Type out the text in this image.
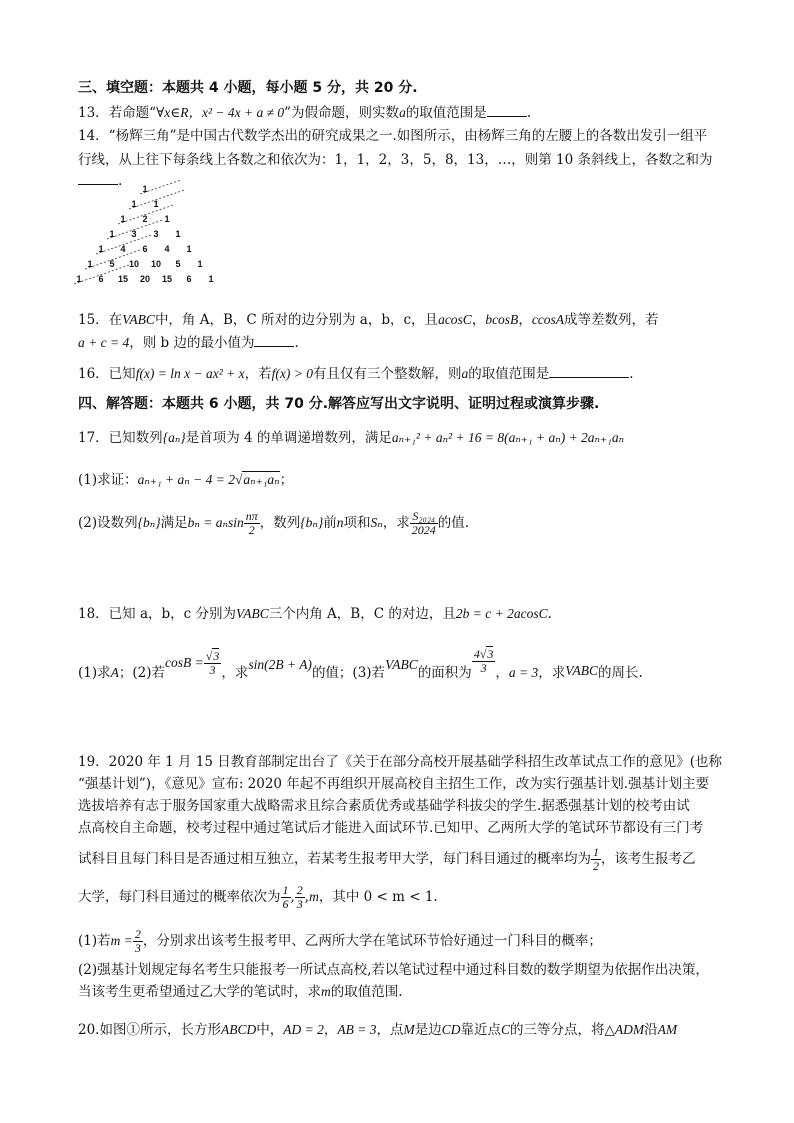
三、填空题：本题共 4 小题，每小题 5 分，共 20 分.
13．若命题“∀x∈R，x² − 4x + a ≠ 0”为假命题，则实数a的取值范围是	.
14．“杨辉三角”是中国古代数学杰出的研究成果之一.如图所示，由杨辉三角的左腰上的各数出发引一组平
行线，从上往下每条线上各数之和依次为：1，1，2，3，5，8，13，…，则第 10 条斜线上，各数之和为
.	1
1 1
1 2 1
1 3 3 1
1 4 6 4 1
1 5 10 10 5 1
1 6 15 20 15 6 1
15．在VABC中，角 A，B，C 所对的边分别为 a，b，c，且acosC，bcosB，ccosA成等差数列，若
a + c = 4，则 b 边的最小值为	.
16．已知f(x) = ln x − ax² + x，若f(x) > 0有且仅有三个整数解，则a的取值范围是	.
四、解答题：本题共 6 小题，共 70 分.解答应写出文字说明、证明过程或演算步骤.
17．已知数列{aₙ}是首项为 4 的单调递增数列，满足aₙ₊₁² + aₙ² + 16 = 8(aₙ₊₁ + aₙ) + 2aₙ₊₁aₙ
(1)求证：aₙ₊₁ + aₙ − 4 = 2√aₙ₊₁aₙ；
(2)设数列{bₙ}满足bₙ = aₙsin $\frac{n\pi}{2}$ ，数列{bₙ}前n项和Sₙ，求 $\frac{\text{S₂₀₂₄}}{2024}$ 的值.
18．已知 a，b，c 分别为VABC三个内角 A，B，C 的对边，且2b = c + 2acosC.
(1)求A；(2)若$\cos B = \frac{√3}{3}$ ，求sin(2B + A)的值；(3)若VABC的面积为 $\frac{4√3}{3}$ ，a = 3，求VABC的周长.
19．2020 年 1 月 15 日教育部制定出台了《关于在部分高校开展基础学科招生改革试点工作的意见》(也称
“强基计划”)，《意见》宣布: 2020 年起不再组织开展高校自主招生工作，改为实行强基计划.强基计划主要
选拔培养有志于服务国家重大战略需求且综合素质优秀或基础学科拔尖的学生.据悉强基计划的校考由试
点高校自主命题，校考过程中通过笔试后才能进入面试环节.已知甲、乙两所大学的笔试环节都设有三门考
试科目且每门科目是否通过相互独立，若某考生报考甲大学，每门科目通过的概率均为 $\frac{1}{2}$ ，该考生报考乙
大学，每门科目通过的概率依次为 $\frac{1}{6}$ , $\frac{2}{3} ,m$，其中 0 < m < 1.
(1)若$m = \frac{2}{3}$ ，分别求出该考生报考甲、乙两所大学在笔试环节恰好通过一门科目的概率；
(2)强基计划规定每名考生只能报考一所试点高校,若以笔试过程中通过科目数的数学期望为依据作出决策，
当该考生更希望通过乙大学的笔试时，求m的取值范围.
20.如图①所示，长方形ABCD中，AD = 2，AB = 3，点M是边CD靠近点C的三等分点，将△ADM沿AM
